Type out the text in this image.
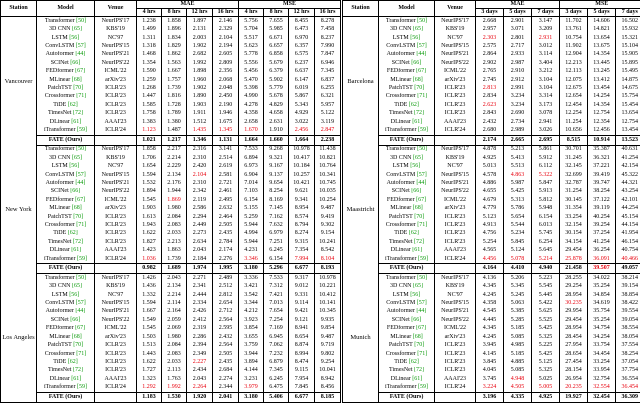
Station	Model	Venue	MAE				MSE			
			4 hrs	8 hrs	12 hrs	16 hrs	4 hrs	8 hrs	12 hrs	16 hrs
Vancouver	Transformer [50]	NeurIPS'17	1.238	1.858	1.897	2.146	5.756	7.655	8.455	8.278
	3D CNN [65]	KBS'19	1.499	1.896	2.131	2.329	5.704	5.985	6.473	7.458
	LSTM [56]	NC'97	1.311	1.834	2.003	2.104	5.517	6.671	6.970	8.237
	ConvLSTM [57]	NeurIPS'15	1.318	1.829	1.902	2.194	5.623	6.657	6.357	7.990
	Autoformer [44]	NeurIPS'21	1.468	1.862	2.682	2.605	5.778	6.858	6.575	7.847
	SCINet [66]	NeurIPS'22	1.354	1.563	1.992	2.809	5.556	5.679	6.237	6.946
	FEDformer [67]	ICML'22	1.590	1.667	1.898	2.356	5.456	6.379	6.637	7.345
	MLinear [68]	arXiv'23	1.259	1.757	1.960	2.068	5.470	5.902	6.147	6.837
	PatchTST [70]	ICLR'23	1.268	1.739	1.902	2.048	5.398	5.779	6.019	6.255
	Crossformer [71]	ICLR'23	1.447	1.816	1.890	2.450	4.990	5.678	5.867	6.321
	TiDE [62]	ICLR'23	1.585	1.728	1.903	2.190	4.278	4.829	5.343	5.957
	TimesNet [72]	ICLR'23	1.758	1.789	1.911	1.946	4.358	4.658	4.929	5.122
	DLinear [61]	AAAI'23	1.383	1.380	1.512	1.675	2.658	2.631	3.022	3.119
	iTransformer [59]	ICLR'24	1.123	1.487	1.435	1.345	1.670	1.910	2.456	2.847
	FATE (Ours)		1.021	1.217	1.346	1.131	1.664	1.660	1.664	2.238
New York	Transformer [50]	NeurIPS'17	1.858	2.217	2.316	3.141	7.533	9.268	10.978	11.438
	3D CNN [65]	KBS'19	1.706	2.214	2.310	2.514	6.894	9.321	10.417	10.821
	LSTM [56]	NC'97	1.654	2.229	2.420	2.619	6.973	9.167	10.184	10.764
	ConvLSTM [57]	NeurIPS'15	1.594	2.134	2.104	2.581	6.904	9.137	10.257	10.341
	Autoformer [44]	NeurIPS'21	1.532	2.176	2.310	2.721	7.014	9.654	10.421	10.745
	SCINet [66]	NeurIPS'22	1.894	1.944	2.342	2.461	7.103	8.254	9.621	10.035
	FEDformer [67]	ICML'22	1.545	1.869	2.119	2.495	6.154	8.169	9.341	10.254
	MLinear [68]	arXiv'23	1.903	1.980	2.586	2.632	5.155	7.145	8.954	9.487
	PatchTST [70]	ICLR'23	1.613	2.084	2.294	2.464	5.259	7.162	8.574	9.419
	Crossformer [71]	ICLR'23	1.943	2.083	2.449	2.505	5.944	7.632	8.794	9.302
	TiDE [62]	ICLR'23	1.622	2.033	2.273	2.435	4.994	6.979	8.274	9.154
	TimesNet [72]	ICLR'23	1.827	2.213	2.634	2.784	5.944	7.251	9.315	10.241
	DLinear [61]	AAAI'23	1.423	1.863	2.043	2.174	4.231	6.245	7.354	8.542
	iTransformer [59]	ICLR'24	1.036	1.739	2.184	2.276	3.346	6.154	7.994	8.104
	FATE (Ours)		0.982	1.689	1.974	1.995	3.180	5.296	6.677	8.193
Los Angeles	Transformer [50]	NeurIPS'17	1.426	2.043	2.271	2.489	3.336	7.533	9.317	10.978
	3D CNN [65]	KBS'19	1.436	2.134	2.341	2.512	3.421	7.312	9.012	10.221
	LSTM [56]	NC'97	1.332	2.214	2.444	2.812	3.542	7.421	9.331	10.412
	ConvLSTM [57]	NeurIPS'15	1.594	2.114	2.334	2.654	3.344	7.013	9.114	10.141
	Autoformer [44]	NeurIPS'21	1.667	2.164	2.426	2.712	4.212	7.654	9.421	10.345
	SCINet [66]	NeurIPS'22	1.549	2.059	2.412	2.564	3.923	7.254	9.121	9.935
	FEDformer [67]	ICML'22	1.545	2.069	2.319	2.595	3.854	7.169	8.941	9.854
	MLinear [68]	arXiv'23	1.503	1.980	2.286	2.432	3.655	6.945	8.654	9.487
	PatchTST [70]	ICLR'23	1.513	2.084	2.394	2.564	3.759	7.062	8.874	9.719
	Crossformer [71]	ICLR'23	1.443	2.083	2.349	2.505	3.944	7.232	8.994	9.802
	TiDE [62]	ICLR'23	1.622	2.033	2.227	2.435	3.894	6.879	8.474	9.254
	TimesNet [72]	ICLR'23	1.727	2.113	2.434	2.684	4.144	7.345	9.115	10.041
	DLinear [61]	AAAI'23	1.323	1.763	2.043	2.274	3.231	6.245	7.954	8.942
	iTransformer [59]	ICLR'24	1.292	1.992	2.264	2.344	3.979	6.475	7.845	8.456
	FATE (Ours)		1.183	1.530	1.920	2.041	3.180	5.406	6.677	8.185
Station	Model	Venue	MAE			MSE		
			3 days	5 days	7 days	3 days	5 days	7 days
Barcelona	Transformer [50]	NeurIPS'17	2.668	2.901	3.147	11.702	14.606	16.502
	3D CNN [65]	KBS'19	2.957	3.071	3.209	13.761	14.821	15.932
	LSTM [56]	NC'97	2.303	2.801	2.931	10.754	13.654	15.321
	ConvLSTM [57]	NeurIPS'15	2.575	2.717	3.012	11.902	13.675	15.104
	Autoformer [44]	NeurIPS'21	2.864	2.933	3.114	12.904	14.354	15.905
	SCINet [66]	NeurIPS'22	2.902	2.987	3.404	12.213	13.445	15.895
	FEDformer [67]	ICML'22	2.765	2.910	3.212	12.113	13.245	15.495
	MLinear [68]	arXiv'23	2.745	2.912	3.104	12.075	13.412	14.875
	PatchTST [70]	ICLR'23	2.813	2.991	3.104	12.675	13.454	14.675
	Crossformer [71]	ICLR'23	2.834	3.234	3.314	12.654	14.254	15.754
	TiDE [62]	ICLR'23	2.623	3.234	3.173	12.454	14.354	15.454
	TimesNet [72]	ICLR'23	2.843	2.690	3.078	12.254	12.754	13.654
	DLinear [61]	AAAI'23	2.432	2.734	2.941	11.254	12.354	12.754
	iTransformer [59]	ICLR'24	2.680	2.989	3.026	10.656	12.456	13.454
	FATE (Ours)		2.174	2.665	2.695	8.515	10.914	13.523
Maastricht	Transformer [50]	NeurIPS'17	4.878	5.213	5.861	30.701	35.387	40.631
	3D CNN [65]	KBS'19	4.925	5.413	5.912	31.245	36.321	41.254
	LSTM [56]	NC'97	5.013	5.513	6.112	32.145	37.221	42.154
	ConvLSTM [57]	NeurIPS'15	4.578	4.863	5.322	32.699	39.419	45.322
	Autoformer [44]	NeurIPS'21	4.886	5.987	5.847	32.787	39.747	44.321
	SCINet [66]	NeurIPS'22	4.655	5.425	5.913	31.254	38.254	43.254
	FEDformer [67]	ICML'22	4.679	5.313	5.812	30.145	37.122	42.101
	MLinear [68]	arXiv'23	4.779	5.786	5.948	31.354	39.119	44.254
	PatchTST [70]	ICLR'23	5.123	5.654	6.154	33.254	40.254	45.154
	Crossformer [71]	ICLR'23	4.913	5.544	6.013	32.154	39.254	44.154
	TiDE [62]	ICLR'23	4.756	5.234	5.745	30.154	37.254	41.954
	TimesNet [72]	ICLR'23	5.254	5.845	6.254	34.154	41.254	46.154
	DLinear [61]	AAAI'23	4.565	5.124	5.645	29.454	36.254	40.754
	iTransformer [59]	ICLR'24	4.456	5.078	5.214	25.878	36.091	40.466
	FATE (Ours)		4.164	4.410	4.940	21.458	39.507	49.057
Munich	Transformer [50]	NeurIPS'17	4.136	5.206	5.223	28.255	34.022	38.214
	3D CNN [65]	KBS'19	4.345	5.345	5.545	29.254	35.254	39.154
	LSTM [56]	NC'97	4.245	5.245	5.445	28.954	34.854	38.854
	ConvLSTM [57]	NeurIPS'15	4.358	5.063	5.422	30.235	34.619	38.422
	Autoformer [44]	NeurIPS'21	4.545	5.385	5.625	29.954	35.754	39.554
	SCINet [66]	NeurIPS'22	4.445	5.285	5.525	29.454	35.254	39.054
	FEDformer [67]	ICML'22	4.345	5.185	5.425	28.954	34.754	38.554
	MLinear [68]	arXiv'23	4.245	5.085	5.325	28.454	34.254	38.054
	PatchTST [70]	ICLR'23	3.945	4.985	5.225	27.954	33.754	37.554
	Crossformer [71]	ICLR'23	4.145	5.185	5.425	28.654	34.454	38.254
	TiDE [62]	ICLR'23	3.845	4.885	5.125	27.454	33.254	37.054
	TimesNet [72]	ICLR'23	4.045	5.085	5.325	28.154	33.954	37.754
	DLinear [61]	AAAI'23	3.745	4.948	5.025	26.954	32.754	36.554
	iTransformer [59]	ICLR'24	3.224	4.505	5.005	20.235	32.554	36.454
	FATE (Ours)		3.196	4.335	4.925	19.927	32.454	36.309
